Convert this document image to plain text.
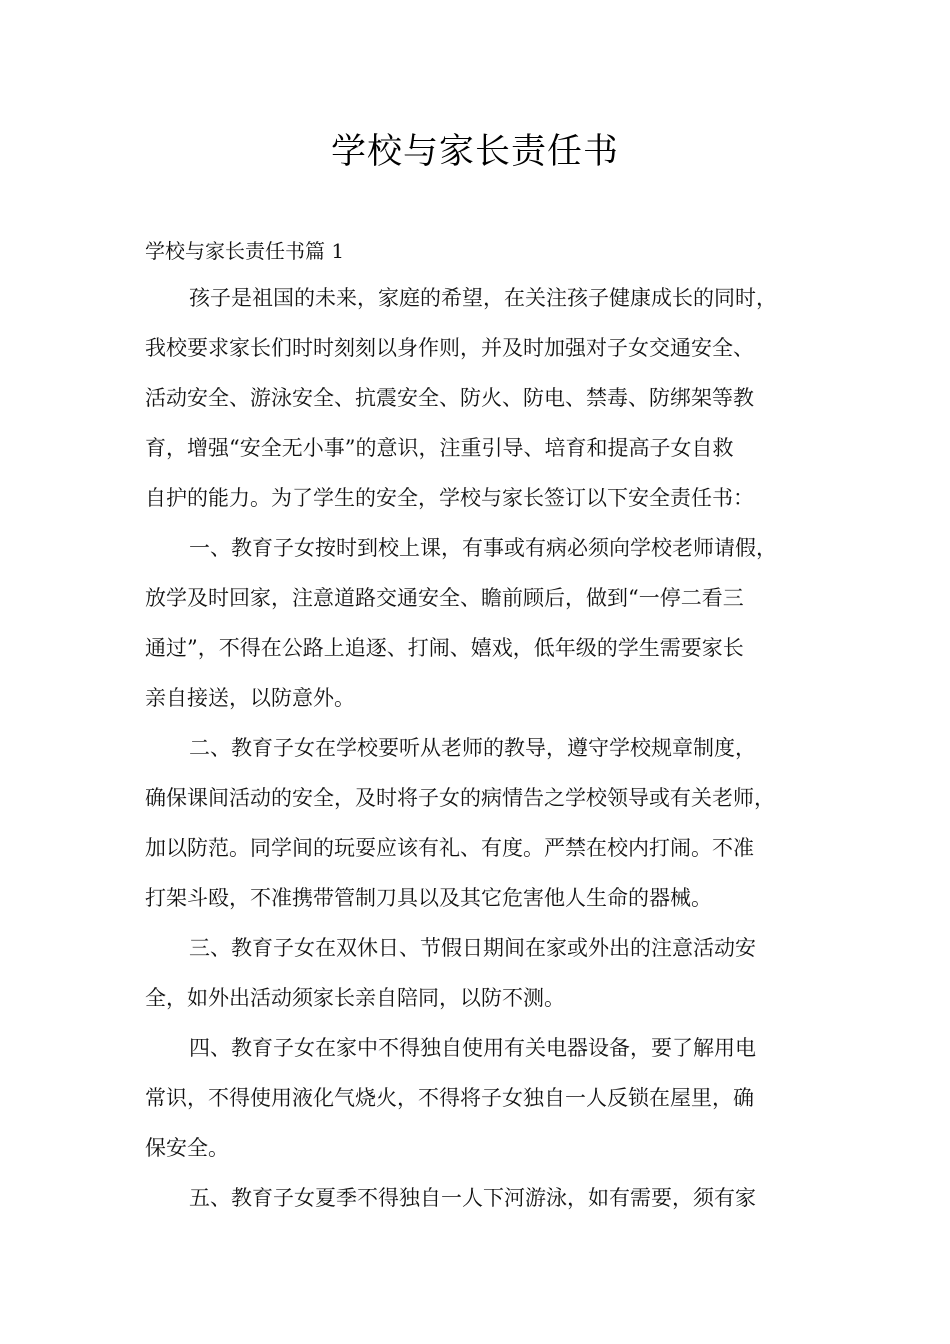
学校与家长责任书
学校与家长责任书篇 1

孩子是祖国的未来，家庭的希望，在关注孩子健康成长的同时，
我校要求家长们时时刻刻以身作则，并及时加强对子女交通安全、
活动安全、游泳安全、抗震安全、防火、防电、禁毒、防绑架等教
育，增强“安全无小事”的意识，注重引导、培育和提高子女自救
自护的能力。为了学生的安全，学校与家长签订以下安全责任书：

一、教育子女按时到校上课，有事或有病必须向学校老师请假，
放学及时回家，注意道路交通安全、瞻前顾后，做到“一停二看三
通过”，不得在公路上追逐、打闹、嬉戏，低年级的学生需要家长
亲自接送，以防意外。

二、教育子女在学校要听从老师的教导，遵守学校规章制度，
确保课间活动的安全，及时将子女的病情告之学校领导或有关老师，
加以防范。同学间的玩耍应该有礼、有度。严禁在校内打闹。不准
打架斗殴，不准携带管制刀具以及其它危害他人生命的器械。

三、教育子女在双休日、节假日期间在家或外出的注意活动安
全，如外出活动须家长亲自陪同，以防不测。

四、教育子女在家中不得独自使用有关电器设备，要了解用电
常识，不得使用液化气烧火，不得将子女独自一人反锁在屋里，确
保安全。

五、教育子女夏季不得独自一人下河游泳，如有需要，须有家
